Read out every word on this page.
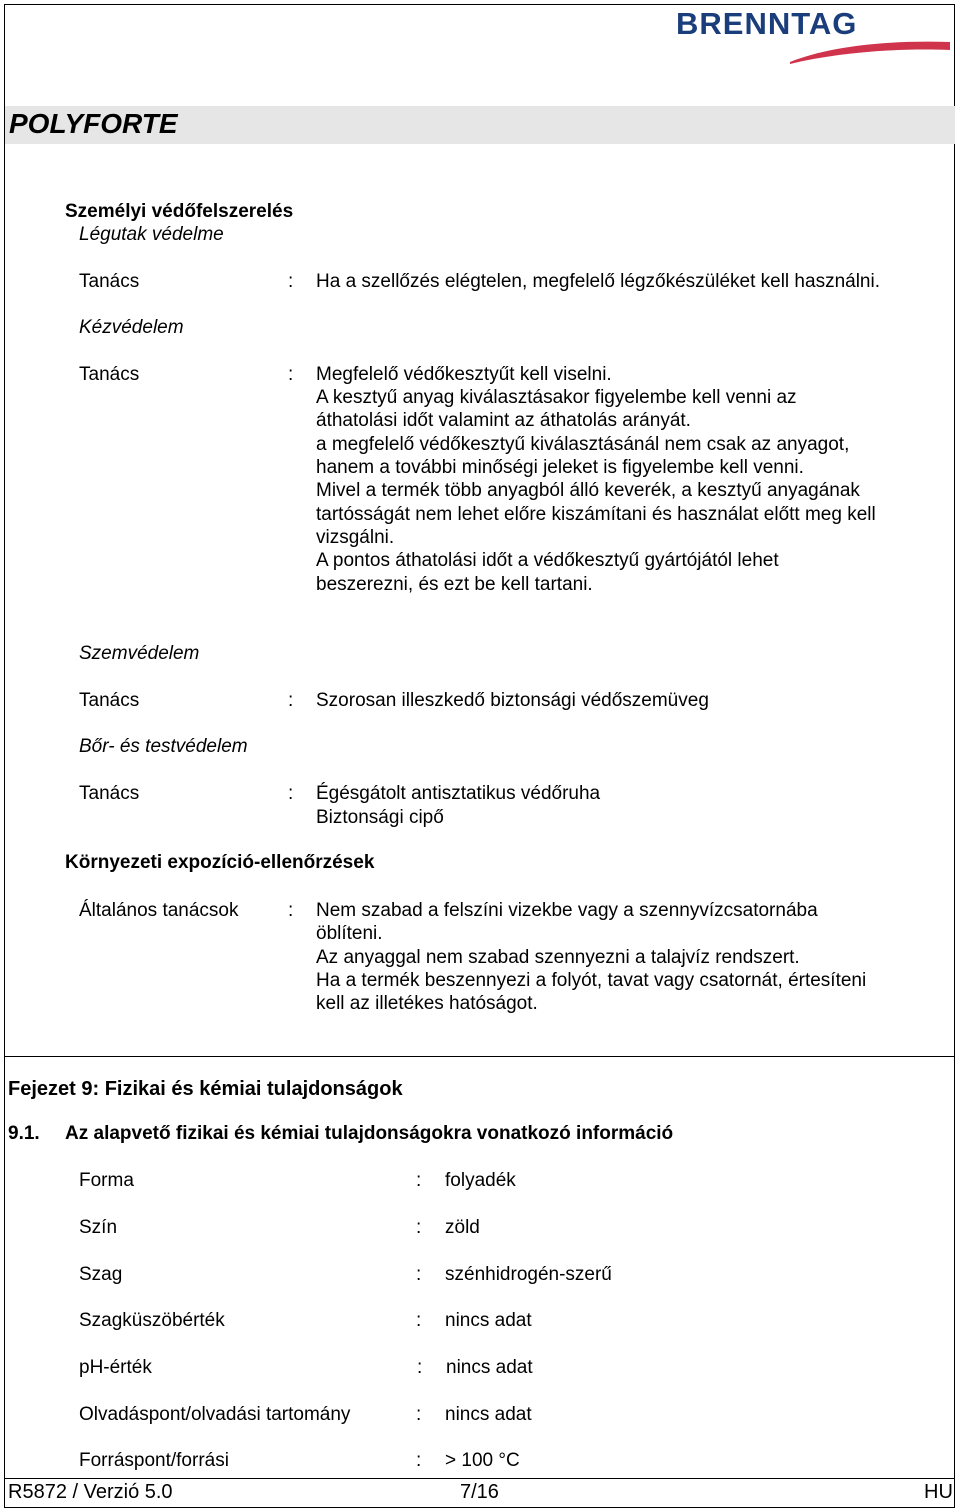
BRENNTAG
POLYFORTE
Személyi védőfelszerelés
Légutak védelme
Tanács	: Ha a szellőzés elégtelen, megfelelő légzőkészüléket kell használni.
Kézvédelem
Tanács	: Megfelelő védőkesztyűt kell viselni.
A kesztyű anyag kiválasztásakor figyelembe kell venni az
áthatolási időt valamint az áthatolás arányát.
a megfelelő védőkesztyű kiválasztásánál nem csak az anyagot,
hanem a további minőségi jeleket is figyelembe kell venni.
Mivel a termék több anyagból álló keverék, a kesztyű anyagának
tartósságát nem lehet előre kiszámítani és használat előtt meg kell
vizsgálni.
A pontos áthatolási időt a védőkesztyű gyártójától lehet
beszerezni, és ezt be kell tartani.
Szemvédelem
Tanács	: Szorosan illeszkedő biztonsági védőszemüveg
Bőr- és testvédelem
Tanács	: Égésgátolt antisztatikus védőruha
Biztonsági cipő
Környezeti expozíció-ellenőrzések
Általános tanácsok	: Nem szabad a felszíni vizekbe vagy a szennyvízcsatornába
öblíteni.
Az anyaggal nem szabad szennyezni a talajvíz rendszert.
Ha a termék beszennyezi a folyót, tavat vagy csatornát, értesíteni
kell az illetékes hatóságot.
Fejezet 9: Fizikai és kémiai tulajdonságok
9.1. Az alapvető fizikai és kémiai tulajdonságokra vonatkozó információ
Forma	: folyadék
Szín	: zöld
Szag	: szénhidrogén-szerű
Szagküszöbérték	: nincs adat
pH-érték	: nincs adat
Olvadáspont/olvadási tartomány	: nincs adat
Forráspont/forrási	: > 100 °C
R5872 / Verzió 5.0	7/16	HU
